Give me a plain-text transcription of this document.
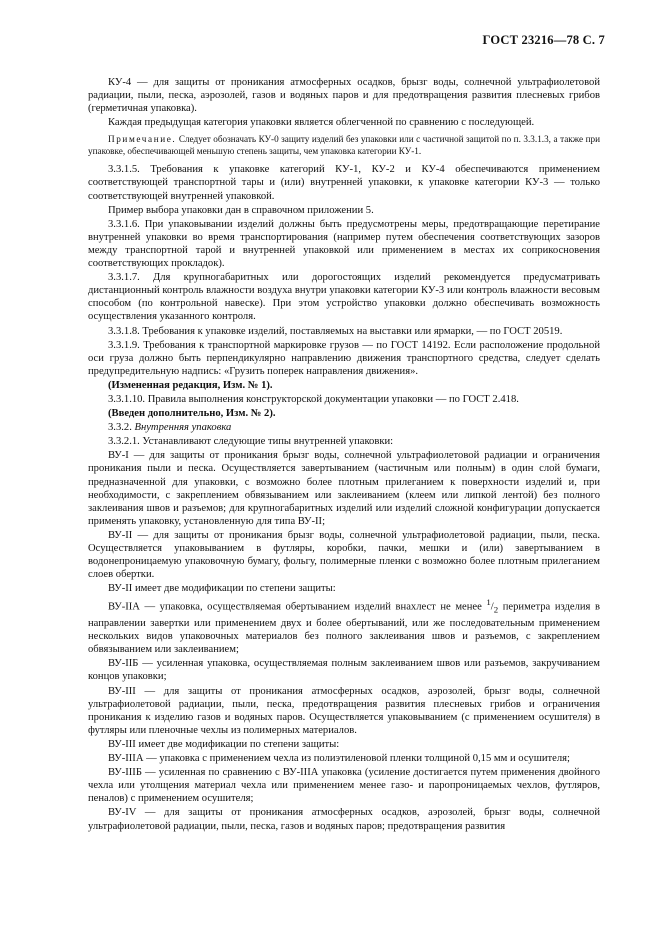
ГОСТ 23216—78 С. 7

КУ-4 — для защиты от проникания атмосферных осадков, брызг воды, солнечной ультрафиолетовой радиации, пыли, песка, аэрозолей, газов и водяных паров и для предотвращения развития плесневых грибов (герметичная упаковка).

Каждая предыдущая категория упаковки является облегченной по сравнению с последующей.

Примечание. Следует обозначать КУ-0 защиту изделий без упаковки или с частичной защитой по п. 3.3.1.3, а также при упаковке, обеспечивающей меньшую степень защиты, чем упаковка категории КУ-1.

3.3.1.5. Требования к упаковке категорий КУ-1, КУ-2 и КУ-4 обеспечиваются применением соответствующей транспортной тары и (или) внутренней упаковки, к упаковке категории КУ-3 — только соответствующей внутренней упаковкой.

Пример выбора упаковки дан в справочном приложении 5.

3.3.1.6. При упаковывании изделий должны быть предусмотрены меры, предотвращающие перетирание внутренней упаковки во время транспортирования (например путем обеспечения соответствующих зазоров между транспортной тарой и внутренней упаковкой или применением в местах их соприкосновения соответствующих прокладок).

3.3.1.7. Для крупногабаритных или дорогостоящих изделий рекомендуется предусматривать дистанционный контроль влажности воздуха внутри упаковки категории КУ-3 или контроль влажности весовым способом (по контрольной навеске). При этом устройство упаковки должно обеспечивать возможность осуществления указанного контроля.

3.3.1.8. Требования к упаковке изделий, поставляемых на выставки или ярмарки, — по ГОСТ 20519.

3.3.1.9. Требования к транспортной маркировке грузов — по ГОСТ 14192. Если расположение продольной оси груза должно быть перпендикулярно направлению движения транспортного средства, следует сделать предупредительную надпись: «Грузить поперек направления движения».

(Измененная редакция, Изм. № 1).

3.3.1.10. Правила выполнения конструкторской документации упаковки — по ГОСТ 2.418.

(Введен дополнительно, Изм. № 2).

3.3.2. Внутренняя упаковка

3.3.2.1. Устанавливают следующие типы внутренней упаковки:

ВУ-I — для защиты от проникания брызг воды, солнечной ультрафиолетовой радиации и ограничения проникания пыли и песка. Осуществляется завертыванием (частичным или полным) в один слой бумаги, предназначенной для упаковки, с возможно более плотным прилеганием к поверхности изделий и, при необходимости, с закреплением обвязыванием или заклеиванием (клеем или липкой лентой) без полного заклеивания швов и разъемов; для крупногабаритных изделий или изделий сложной конфигурации допускается применять упаковку, установленную для типа ВУ-II;

ВУ-II — для защиты от проникания брызг воды, солнечной ультрафиолетовой радиации, пыли, песка. Осуществляется упаковыванием в футляры, коробки, пачки, мешки и (или) завертыванием в водонепроницаемую упаковочную бумагу, фольгу, полимерные пленки с возможно более плотным прилеганием слоев обертки.

ВУ-II имеет две модификации по степени защиты:

ВУ-IIА — упаковка, осуществляемая обертыванием изделий внахлест не менее $^1/_2$ периметра изделия в направлении завертки или применением двух и более обертываний, или же последовательным применением нескольких видов упаковочных материалов без полного заклеивания швов и разъемов, с закреплением обвязыванием или заклеиванием;

ВУ-IIБ — усиленная упаковка, осуществляемая полным заклеиванием швов или разъемов, закручиванием концов упаковки;

ВУ-III — для защиты от проникания атмосферных осадков, аэрозолей, брызг воды, солнечной ультрафиолетовой радиации, пыли, песка, предотвращения развития плесневых грибов и ограничения проникания к изделию газов и водяных паров. Осуществляется упаковыванием (с применением осушителя) в футляры или пленочные чехлы из полимерных материалов.

ВУ-III имеет две модификации по степени защиты:

ВУ-IIIА — упаковка с применением чехла из полиэтиленовой пленки толщиной 0,15 мм и осушителя;

ВУ-IIIБ — усиленная по сравнению с ВУ-IIIА упаковка (усиление достигается путем применения двойного чехла или утолщения материал чехла или применением менее газо- и паропроницаемых чехлов, футляров, пеналов) с применением осушителя;

ВУ-IV — для защиты от проникания атмосферных осадков, аэрозолей, брызг воды, солнечной ультрафиолетовой радиации, пыли, песка, газов и водяных паров; предотвращения развития
